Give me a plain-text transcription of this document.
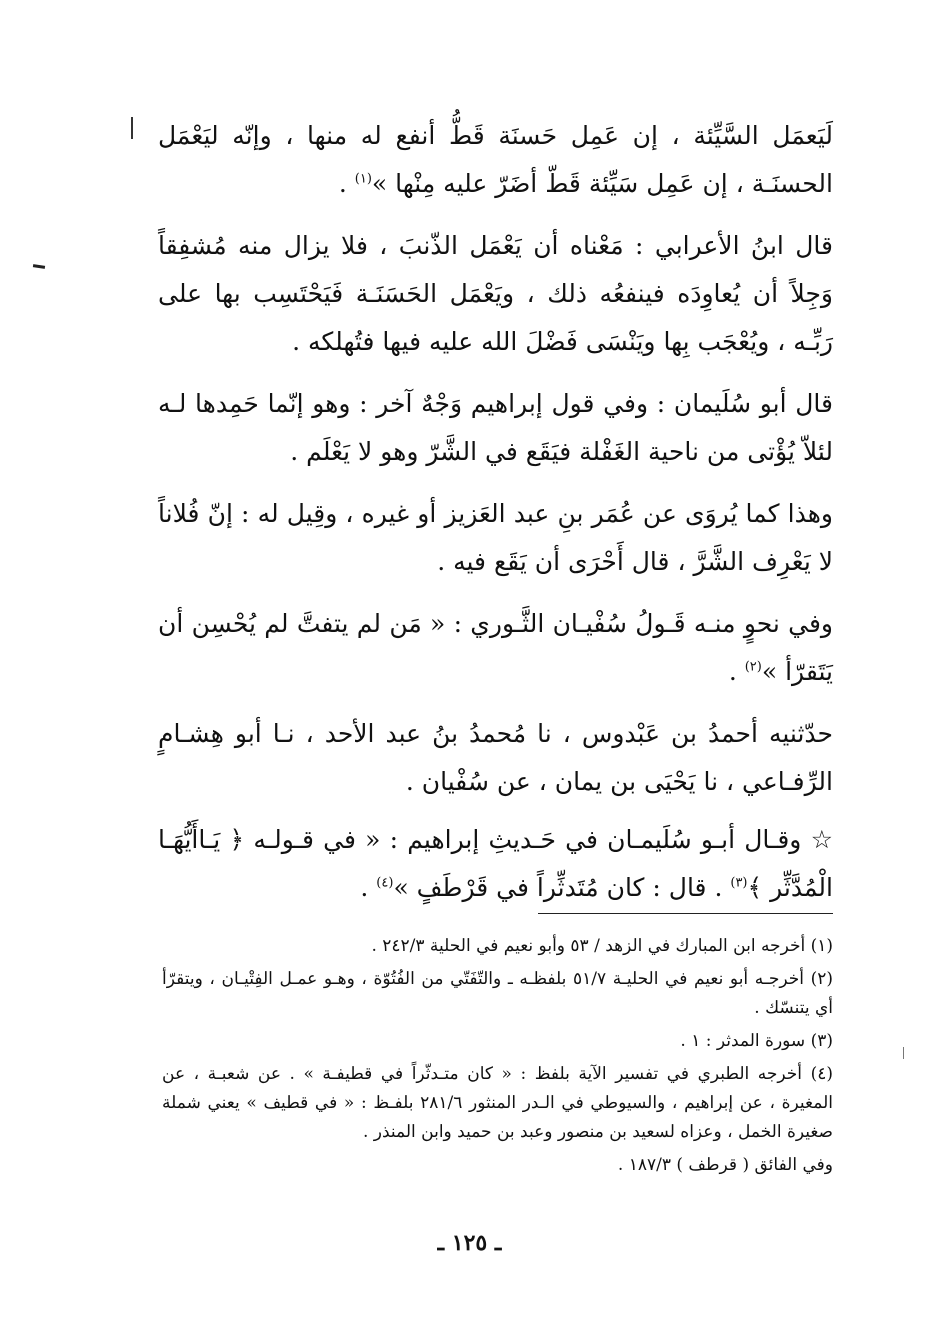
لَيَعمَل السَّيِّئة ، إن عَمِل حَسنَة قَطُّ أنفع له منها ، وإنّه ليَعْمَل الحسنَـة ، إن عَمِل سَيِّئة قَطّ أضَرّ عليه مِنْها »$^{(١)}$ .

قال ابنُ الأعرابي : مَعْناه أن يَعْمَل الذّنبَ ، فلا يزال منه مُشفِقاً وَجِلاً أن يُعاوِدَه فينفعُه ذلك ، ويَعْمَل الحَسَنَـة فَيَحْتَسِب بها على رَبِّـه ، ويُعْجَب بِها ويَنْسَى فَضْلَ الله عليه فيها فتُهلكه .

قال أبو سُلَيمان : وفي قول إبراهيم وَجْهٌ آخر : وهو إنّما حَمِدها لـه لئلاّ يُؤْتى من ناحية الغَفْلة فيَقَع في الشَّرّ وهو لا يَعْلَم .

وهذا كما يُروَى عن عُمَر بنِ عبد العَزيز أو غيره ، وقِيل له : إنّ فُلاناً لا يَعْرِف الشَّرَّ ، قال أَحْرَى أن يَقَع فيه .

وفي نحوٍ منـه قَـولُ سُفْيـان الثَّـوري : « مَن لم يتفتَّ لم يُحْسِن أن يَتَقرّأ »$^{(٢)}$ .

حدّثنيه أحمدُ بن عَبْدوس ، نا مُحمدُ بنُ عبد الأحد ، نـا أبو هِشـامٍ الرِّفـاعي ، نا يَحْيَى بن يمان ، عن سُفْيان .

☆ وقـال أبـو سُلَيمـان في حَـديثِ إبراهيم : « في قـولـه ﴿ يَـاأَيُّهَـا الْمُدَّثِّر ﴾$^{(٣)}$ . قال : كان مُتَدثِّراً في قَرْطَفٍ »$^{(٤)}$ .

(١) أخرجه ابن المبارك في الزهد / ٥٣ وأبو نعيم في الحلية ٢٤٢/٣ .

(٢) أخرجـه أبو نعيم في الحليـة ٥١/٧ بلفظـه ـ والتّفَتّي من الفُتُوّة ، وهـو عمـل الفِتْيـان ، ويتقرّأ أي يتنسّك .

(٣) سورة المدثر : ١ .

(٤) أخرجه الطبري في تفسير الآية بلفظ : « كان متـدثّراً في قطيفـة » . عن شعبـة ، عن المغيرة ، عن إبراهيم ، والسيوطي في الـدر المنثور ٢٨١/٦ بلفـظ : « في قطيف » يعني شملة صغيرة الخمل ، وعزاه لسعيد بن منصور وعبد بن حميد وابن المنذر .

وفي الفائق ( قرطف ) ١٨٧/٣ .

ـ ١٢٥ ـ
